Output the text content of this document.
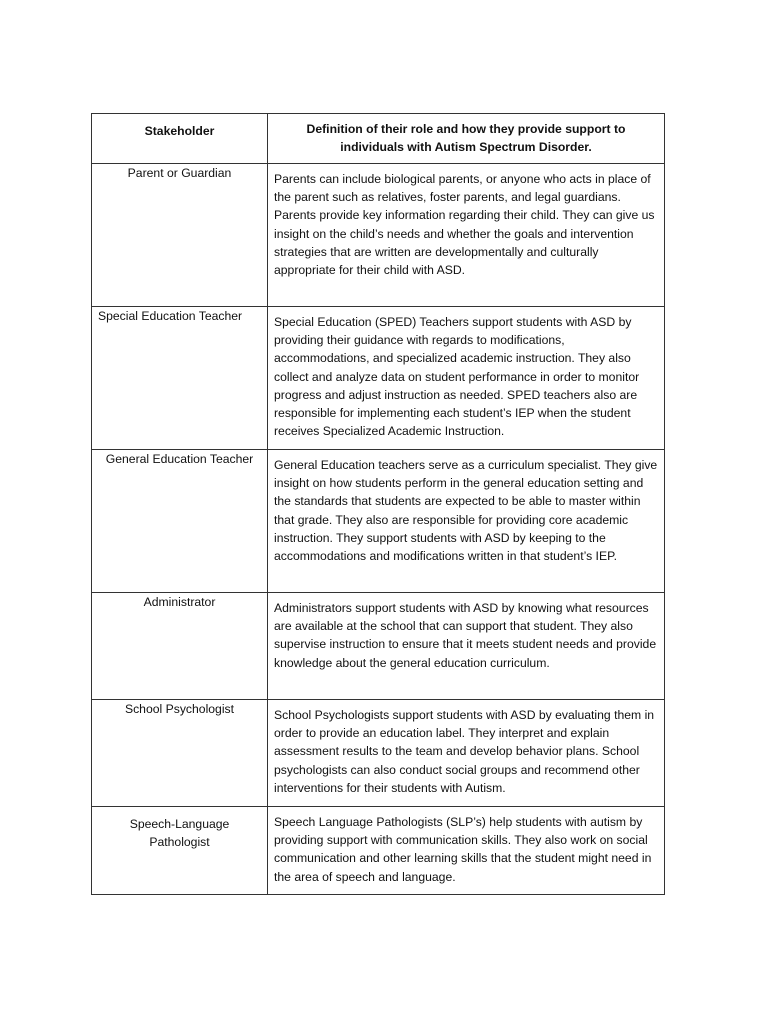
Stakeholder	Definition of their role and how they provide support to individuals with Autism Spectrum Disorder.
Parent or Guardian	Parents can include biological parents, or anyone who acts in place of the parent such as relatives, foster parents, and legal guardians. Parents provide key information regarding their child. They can give us insight on the child’s needs and whether the goals and intervention strategies that are written are developmentally and culturally appropriate for their child with ASD.
Special Education Teacher	Special Education (SPED) Teachers support students with ASD by providing their guidance with regards to modifications, accommodations, and specialized academic instruction. They also collect and analyze data on student performance in order to monitor progress and adjust instruction as needed. SPED teachers also are responsible for implementing each student’s IEP when the student receives Specialized Academic Instruction.
General Education Teacher	General Education teachers serve as a curriculum specialist. They give insight on how students perform in the general education setting and the standards that students are expected to be able to master within that grade. They also are responsible for providing core academic instruction. They support students with ASD by keeping to the accommodations and modifications written in that student’s IEP.
Administrator	Administrators support students with ASD by knowing what resources are available at the school that can support that student. They also supervise instruction to ensure that it meets student needs and provide knowledge about the general education curriculum.
School Psychologist	School Psychologists support students with ASD by evaluating them in order to provide an education label. They interpret and explain assessment results to the team and develop behavior plans. School psychologists can also conduct social groups and recommend other interventions for their students with Autism.
Speech-Language Pathologist	Speech Language Pathologists (SLP’s) help students with autism by providing support with communication skills. They also work on social communication and other learning skills that the student might need in the area of speech and language.
